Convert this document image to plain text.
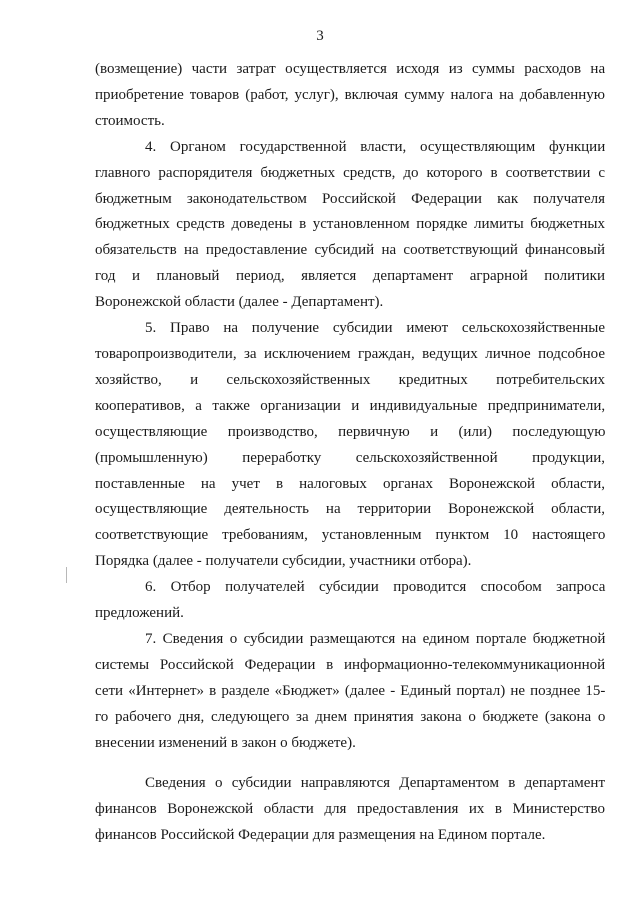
3

(возмещение) части затрат осуществляется исходя из суммы расходов на
приобретение товаров (работ, услуг), включая сумму налога на добавленную
стоимость.

4. Органом государственной власти, осуществляющим функции
главного распорядителя бюджетных средств, до которого в соответствии с
бюджетным законодательством Российской Федерации как получателя
бюджетных средств доведены в установленном порядке лимиты бюджетных
обязательств на предоставление субсидий на соответствующий финансовый
год и плановый период, является департамент аграрной политики
Воронежской области (далее - Департамент).

5. Право на получение субсидии имеют сельскохозяйственные
товаропроизводители, за исключением граждан, ведущих личное подсобное
хозяйство, и сельскохозяйственных кредитных потребительских
кооперативов, а также организации и индивидуальные предприниматели,
осуществляющие производство, первичную и (или) последующую
(промышленную) переработку сельскохозяйственной продукции,
поставленные на учет в налоговых органах Воронежской области,
осуществляющие деятельность на территории Воронежской области,
соответствующие требованиям, установленным пунктом 10 настоящего
Порядка (далее - получатели субсидии, участники отбора).

6. Отбор получателей субсидии проводится способом запроса
предложений.

7. Сведения о субсидии размещаются на едином портале бюджетной
системы Российской Федерации в информационно-телекоммуникационной
сети «Интернет» в разделе «Бюджет» (далее - Единый портал) не позднее 15-
го рабочего дня, следующего за днем принятия закона о бюджете (закона о
внесении изменений в закон о бюджете).

Сведения о субсидии направляются Департаментом в департамент
финансов Воронежской области для предоставления их в Министерство
финансов Российской Федерации для размещения на Едином портале.
